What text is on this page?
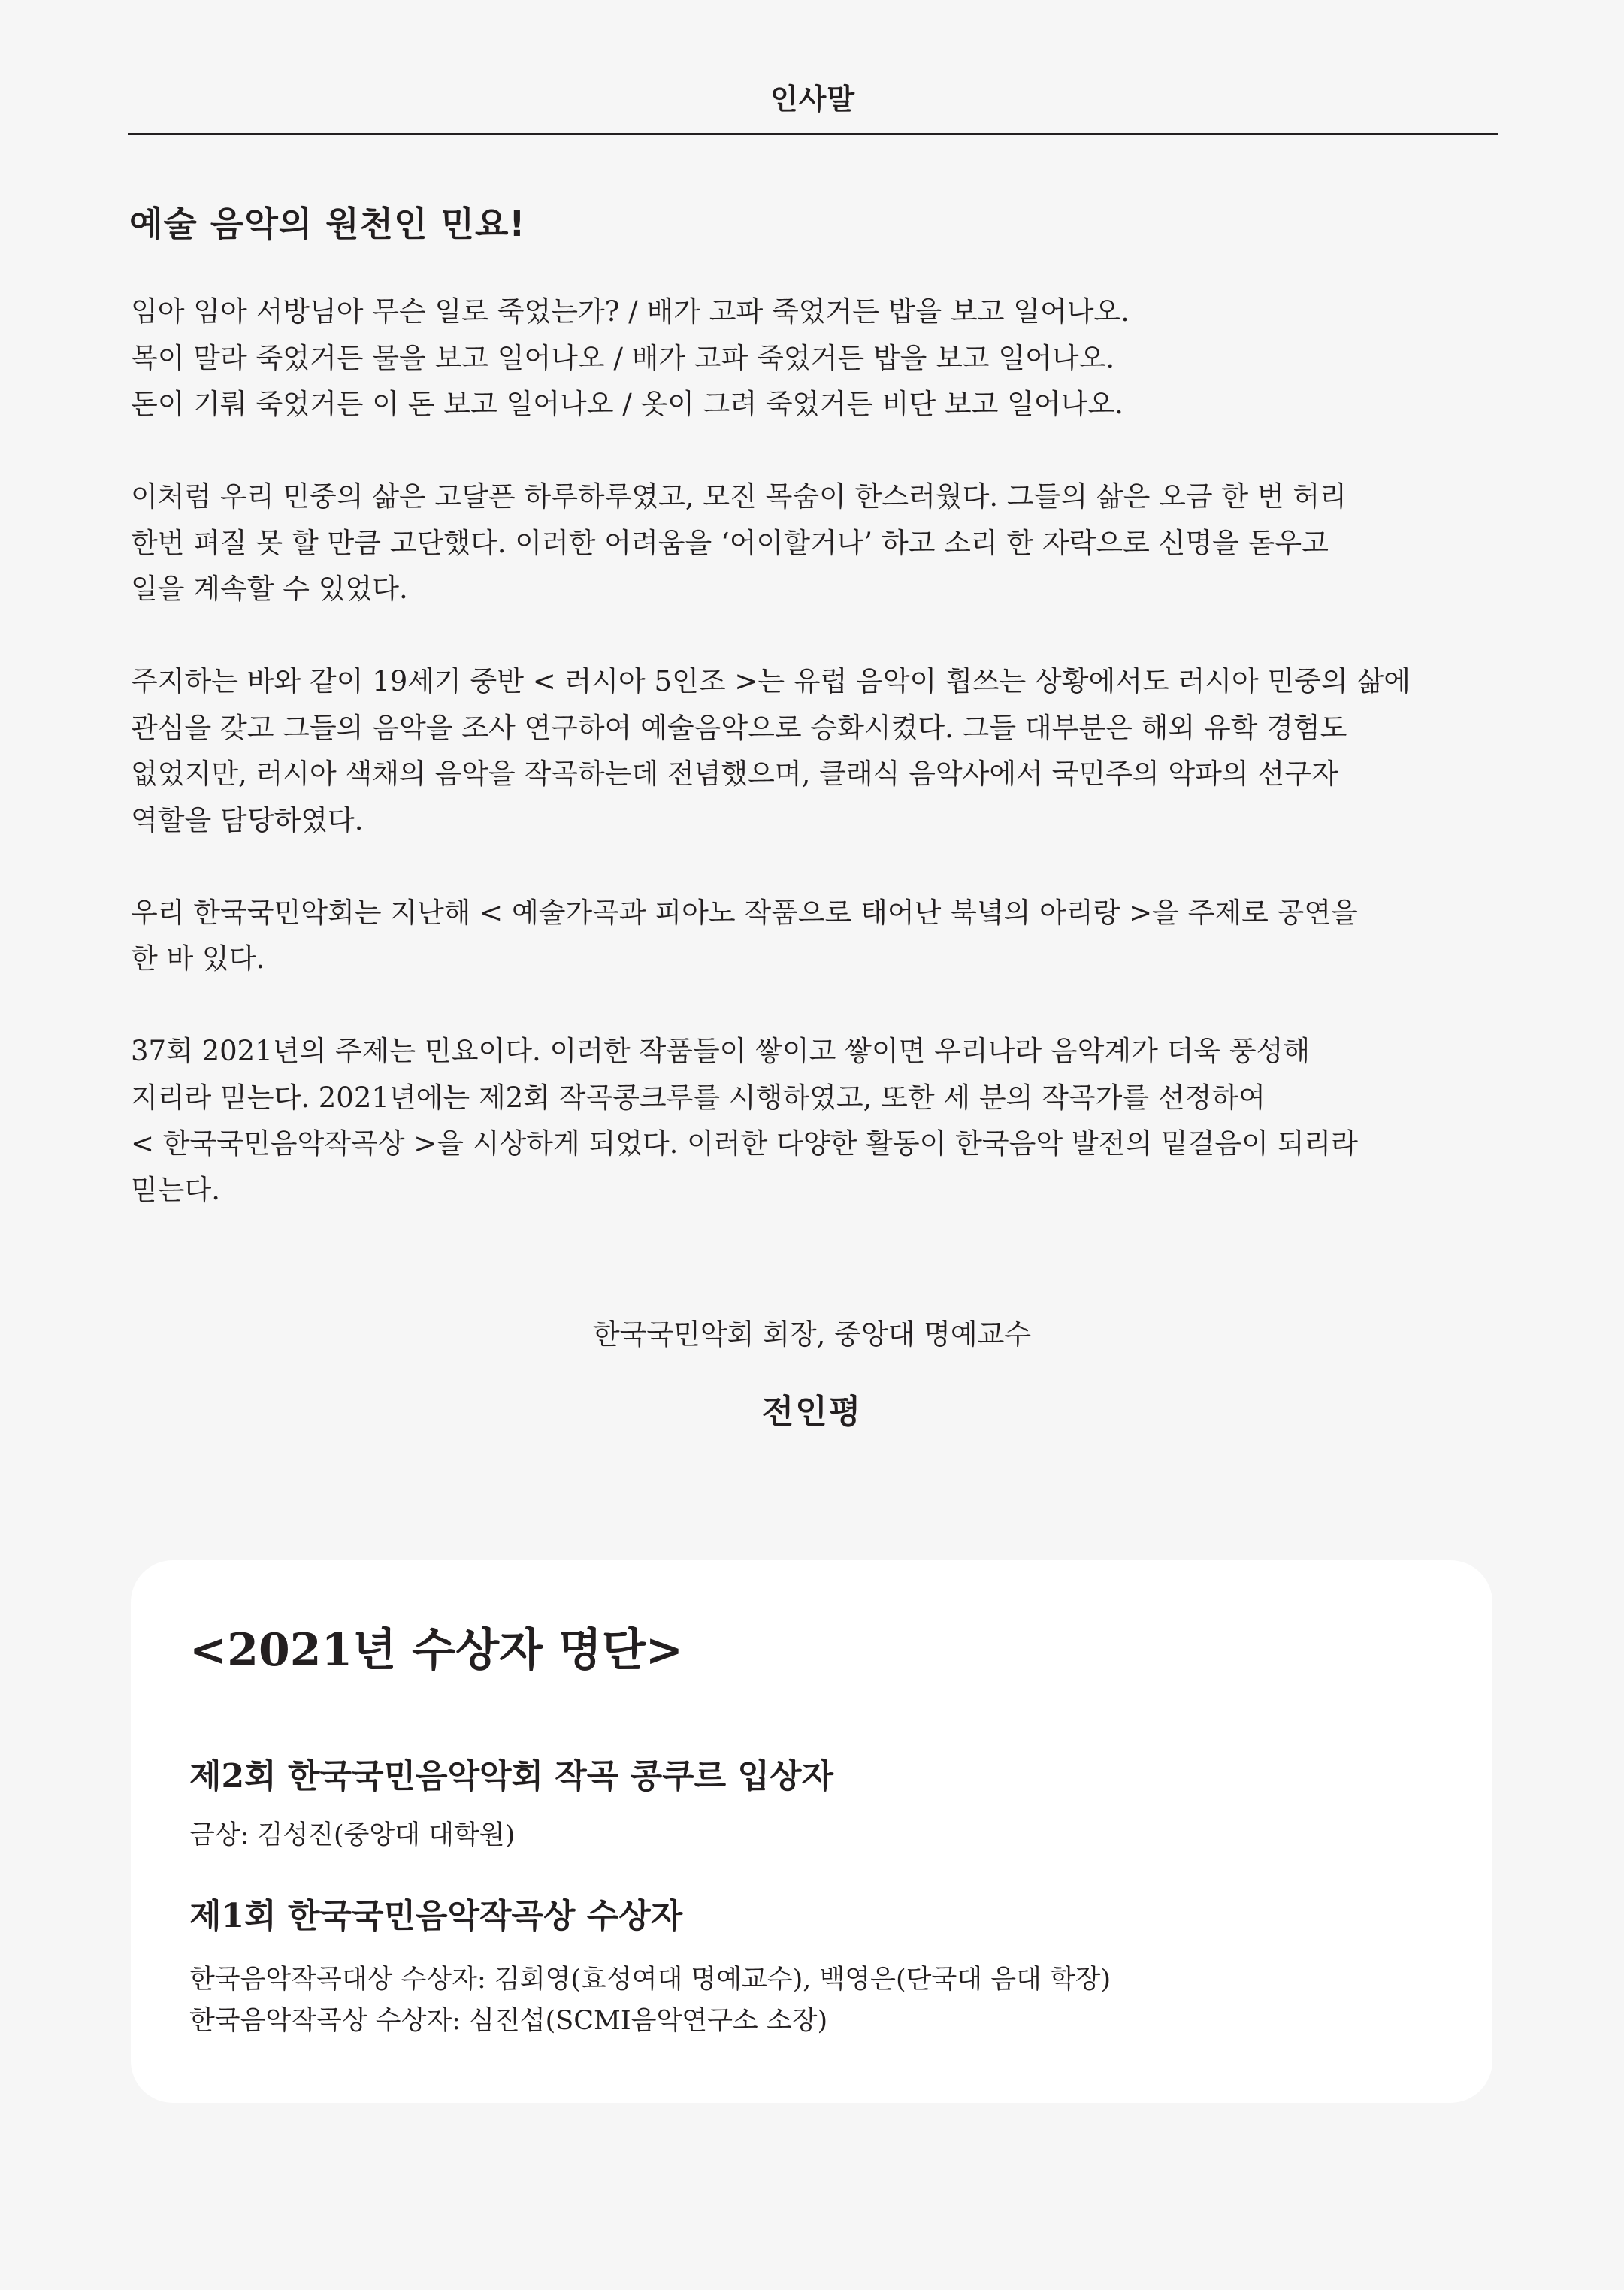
인사말
예술 음악의 원천인 민요!

임아 임아 서방님아 무슨 일로 죽었는가? / 배가 고파 죽었거든 밥을 보고 일어나오.
목이 말라 죽었거든 물을 보고 일어나오 / 배가 고파 죽었거든 밥을 보고 일어나오.
돈이 기뤄 죽었거든 이 돈 보고 일어나오 / 옷이 그려 죽었거든 비단 보고 일어나오.

이처럼 우리 민중의 삶은 고달픈 하루하루였고, 모진 목숨이 한스러웠다. 그들의 삶은 오금 한 번 허리
한번 펴질 못 할 만큼 고단했다. 이러한 어려움을 ‘어이할거나’ 하고 소리 한 자락으로 신명을 돋우고
일을 계속할 수 있었다.

주지하는 바와 같이 19세기 중반 < 러시아 5인조 >는 유럽 음악이 휩쓰는 상황에서도 러시아 민중의 삶에
관심을 갖고 그들의 음악을 조사 연구하여 예술음악으로 승화시켰다. 그들 대부분은 해외 유학 경험도
없었지만, 러시아 색채의 음악을 작곡하는데 전념했으며, 클래식 음악사에서 국민주의 악파의 선구자
역할을 담당하였다.

우리 한국국민악회는 지난해 < 예술가곡과 피아노 작품으로 태어난 북녘의 아리랑 >을 주제로 공연을
한 바 있다.

37회 2021년의 주제는 민요이다. 이러한 작품들이 쌓이고 쌓이면 우리나라 음악계가 더욱 풍성해
지리라 믿는다. 2021년에는 제2회 작곡콩크루를 시행하였고, 또한 세 분의 작곡가를 선정하여
< 한국국민음악작곡상 >을 시상하게 되었다. 이러한 다양한 활동이 한국음악 발전의 밑걸음이 되리라
믿는다.

한국국민악회 회장, 중앙대 명예교수
전인평
<2021년 수상자 명단>
제2회 한국국민음악악회 작곡 콩쿠르 입상자
금상: 김성진(중앙대 대학원)
제1회 한국국민음악작곡상 수상자
한국음악작곡대상 수상자: 김회영(효성여대 명예교수), 백영은(단국대 음대 학장)
한국음악작곡상 수상자: 심진섭(SCMI음악연구소 소장)
